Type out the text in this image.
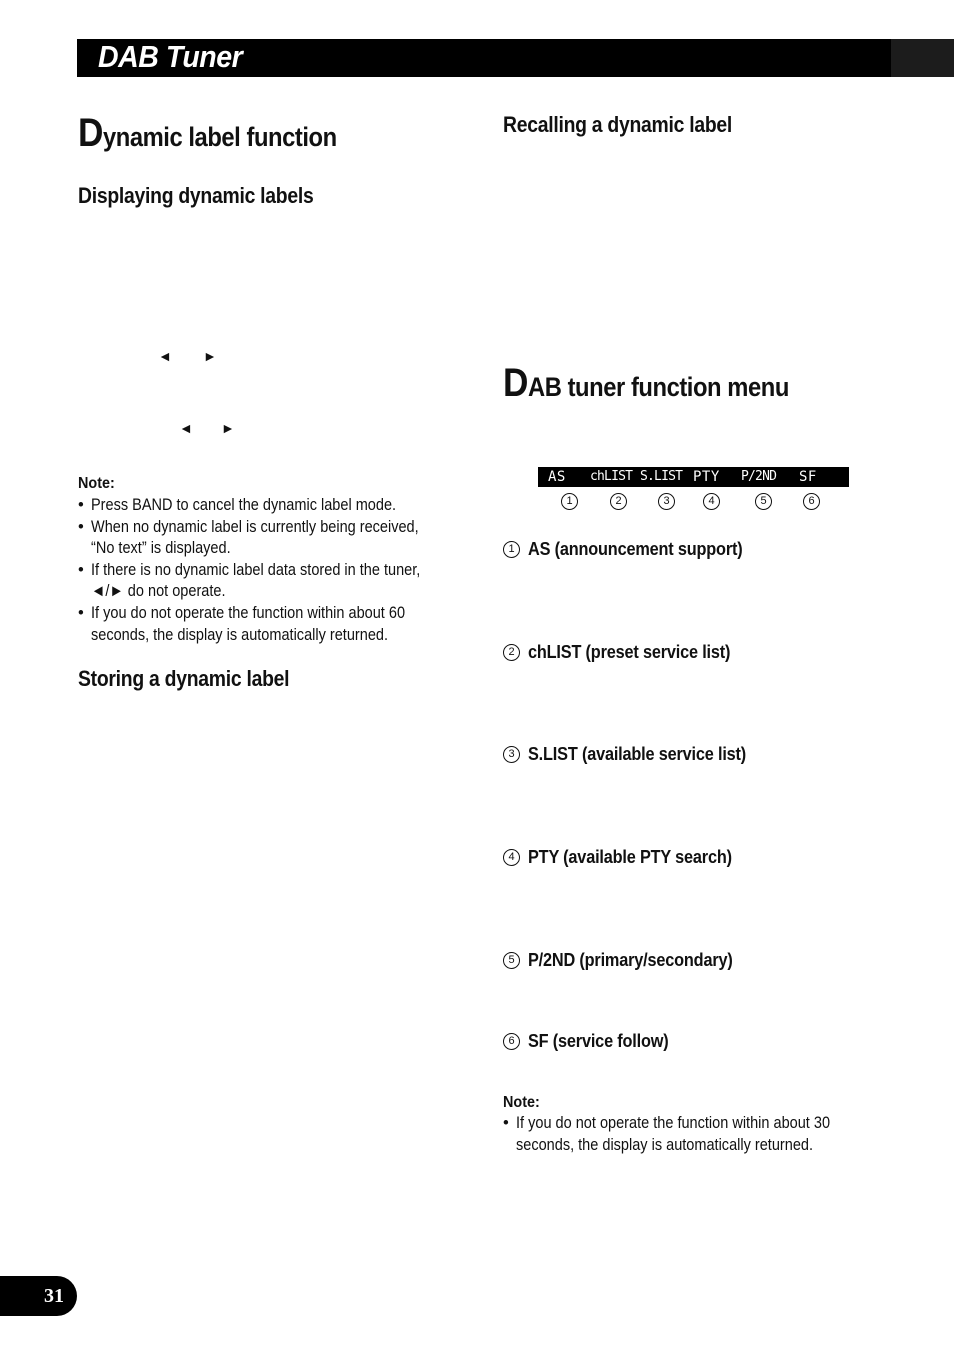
DAB Tuner
Dynamic label function
Displaying dynamic labels
◄ ►
◄ ►
Note:
• Press BAND to cancel the dynamic label mode.
• When no dynamic label is currently being received,
“No text” is displayed.
• If there is no dynamic label data stored in the tuner,
◄/► do not operate.
• If you do not operate the function within about 60
seconds, the display is automatically returned.
Storing a dynamic label
Recalling a dynamic label
DAB tuner function menu
AS chLIST S.LIST PTY P/2ND SF
1	2	3	4	5	6
1 AS (announcement support)
2 chLIST (preset service list)
3 S.LIST (available service list)
4 PTY (available PTY search)
5 P/2ND (primary/secondary)
6 SF (service follow)
Note:
• If you do not operate the function within about 30
seconds, the display is automatically returned.
31
